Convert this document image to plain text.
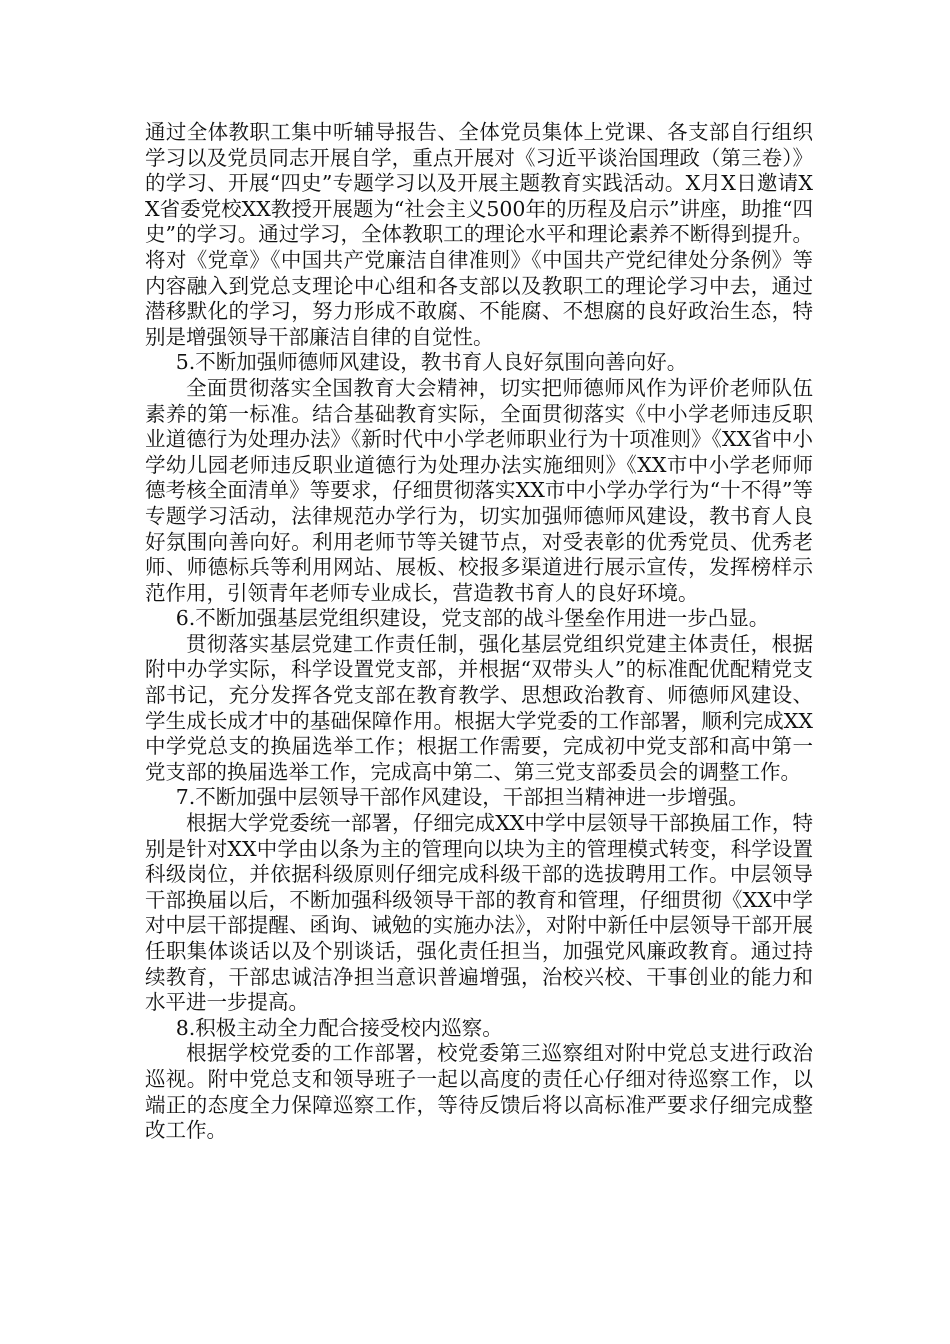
通过全体教职工集中听辅导报告、全体党员集体上党课、各支部自行组织学习以及党员同志开展自学，重点开展对《习近平谈治国理政（第三卷）》的学习、开展“四史”专题学习以及开展主题教育实践活动。X月X日邀请XX省委党校XX教授开展题为“社会主义500年的历程及启示”讲座，助推“四史”的学习。通过学习，全体教职工的理论水平和理论素养不断得到提升。将对《党章》《中国共产党廉洁自律准则》《中国共产党纪律处分条例》等内容融入到党总支理论中心组和各支部以及教职工的理论学习中去，通过潜移默化的学习，努力形成不敢腐、不能腐、不想腐的良好政治生态，特别是增强领导干部廉洁自律的自觉性。

5.不断加强师德师风建设，教书育人良好氛围向善向好。

全面贯彻落实全国教育大会精神，切实把师德师风作为评价老师队伍素养的第一标准。结合基础教育实际，全面贯彻落实《中小学老师违反职业道德行为处理办法》《新时代中小学老师职业行为十项准则》《XX省中小学幼儿园老师违反职业道德行为处理办法实施细则》《XX市中小学老师师德考核全面清单》等要求，仔细贯彻落实XX市中小学办学行为“十不得”等专题学习活动，法律规范办学行为，切实加强师德师风建设，教书育人良好氛围向善向好。利用老师节等关键节点，对受表彰的优秀党员、优秀老师、师德标兵等利用网站、展板、校报多渠道进行展示宣传，发挥榜样示范作用，引领青年老师专业成长，营造教书育人的良好环境。

6.不断加强基层党组织建设，党支部的战斗堡垒作用进一步凸显。

贯彻落实基层党建工作责任制，强化基层党组织党建主体责任，根据附中办学实际，科学设置党支部，并根据“双带头人”的标准配优配精党支部书记，充分发挥各党支部在教育教学、思想政治教育、师德师风建设、学生成长成才中的基础保障作用。根据大学党委的工作部署，顺利完成XX中学党总支的换届选举工作；根据工作需要，完成初中党支部和高中第一党支部的换届选举工作，完成高中第二、第三党支部委员会的调整工作。

7.不断加强中层领导干部作风建设，干部担当精神进一步增强。

根据大学党委统一部署，仔细完成XX中学中层领导干部换届工作，特别是针对XX中学由以条为主的管理向以块为主的管理模式转变，科学设置科级岗位，并依据科级原则仔细完成科级干部的选拔聘用工作。中层领导干部换届以后，不断加强科级领导干部的教育和管理，仔细贯彻《XX中学对中层干部提醒、函询、诫勉的实施办法》，对附中新任中层领导干部开展任职集体谈话以及个别谈话，强化责任担当，加强党风廉政教育。通过持续教育，干部忠诚洁净担当意识普遍增强，治校兴校、干事创业的能力和水平进一步提高。

8.积极主动全力配合接受校内巡察。

根据学校党委的工作部署，校党委第三巡察组对附中党总支进行政治巡视。附中党总支和领导班子一起以高度的责任心仔细对待巡察工作，以端正的态度全力保障巡察工作，等待反馈后将以高标准严要求仔细完成整改工作。
